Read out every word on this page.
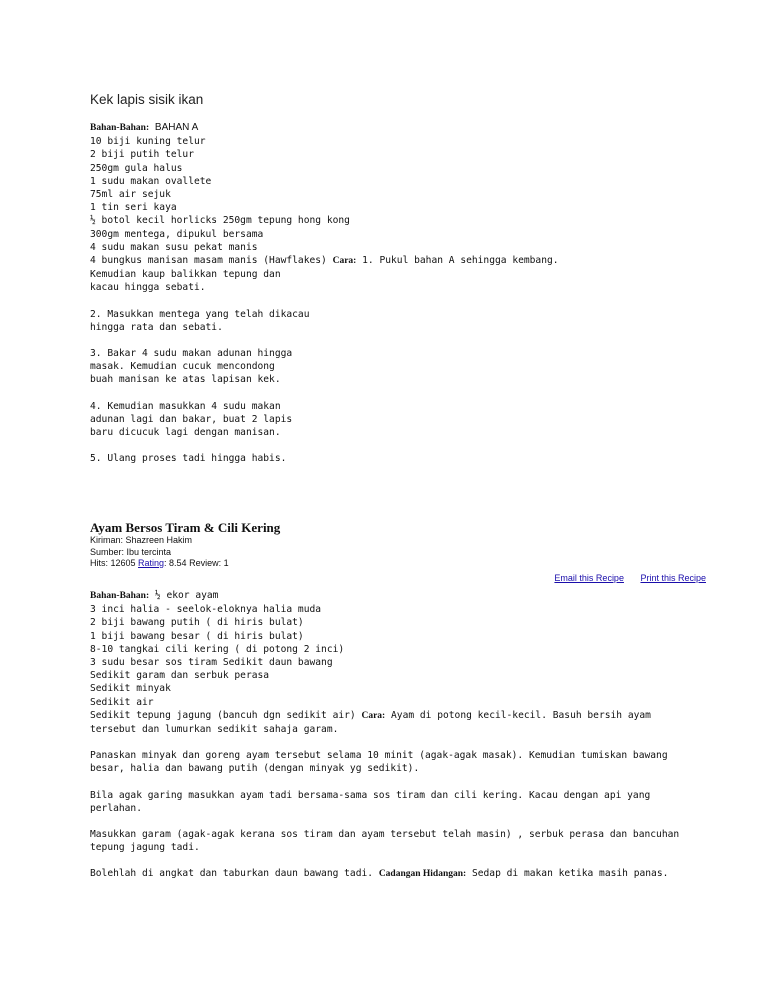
Kek lapis sisik ikan
Bahan-Bahan: BAHAN A
10 biji kuning telur
2 biji putih telur
250gm gula halus
1 sudu makan ovallete
75ml air sejuk
1 tin seri kaya
½ botol kecil horlicks 250gm tepung hong kong
300gm mentega, dipukul bersama
4 sudu makan susu pekat manis
4 bungkus manisan masam manis (Hawflakes) Cara: 1. Pukul bahan A sehingga kembang.
Kemudian kaup balikkan tepung dan
kacau hingga sebati.
2. Masukkan mentega yang telah dikacau
hingga rata dan sebati.
3. Bakar 4 sudu makan adunan hingga
masak. Kemudian cucuk mencondong
buah manisan ke atas lapisan kek.
4. Kemudian masukkan 4 sudu makan
adunan lagi dan bakar, buat 2 lapis
baru dicucuk lagi dengan manisan.
5. Ulang proses tadi hingga habis.
Ayam Bersos Tiram & Cili Kering
Kiriman: Shazreen Hakim
Sumber: Ibu tercinta
Hits: 12605 Rating: 8.54 Review: 1
Email this Recipe Print this Recipe
Bahan-Bahan: ½ ekor ayam
3 inci halia - seelok-eloknya halia muda
2 biji bawang putih ( di hiris bulat)
1 biji bawang besar ( di hiris bulat)
8-10 tangkai cili kering ( di potong 2 inci)
3 sudu besar sos tiram Sedikit daun bawang
Sedikit garam dan serbuk perasa
Sedikit minyak
Sedikit air
Sedikit tepung jagung (bancuh dgn sedikit air) Cara: Ayam di potong kecil-kecil. Basuh bersih ayam tersebut dan lumurkan sedikit sahaja garam.
Panaskan minyak dan goreng ayam tersebut selama 10 minit (agak-agak masak). Kemudian tumiskan bawang besar, halia dan bawang putih (dengan minyak yg sedikit).
Bila agak garing masukkan ayam tadi bersama-sama sos tiram dan cili kering. Kacau dengan api yang perlahan.
Masukkan garam (agak-agak kerana sos tiram dan ayam tersebut telah masin) , serbuk perasa dan bancuhan tepung jagung tadi.
Bolehlah di angkat dan taburkan daun bawang tadi. Cadangan Hidangan: Sedap di makan ketika masih panas.
